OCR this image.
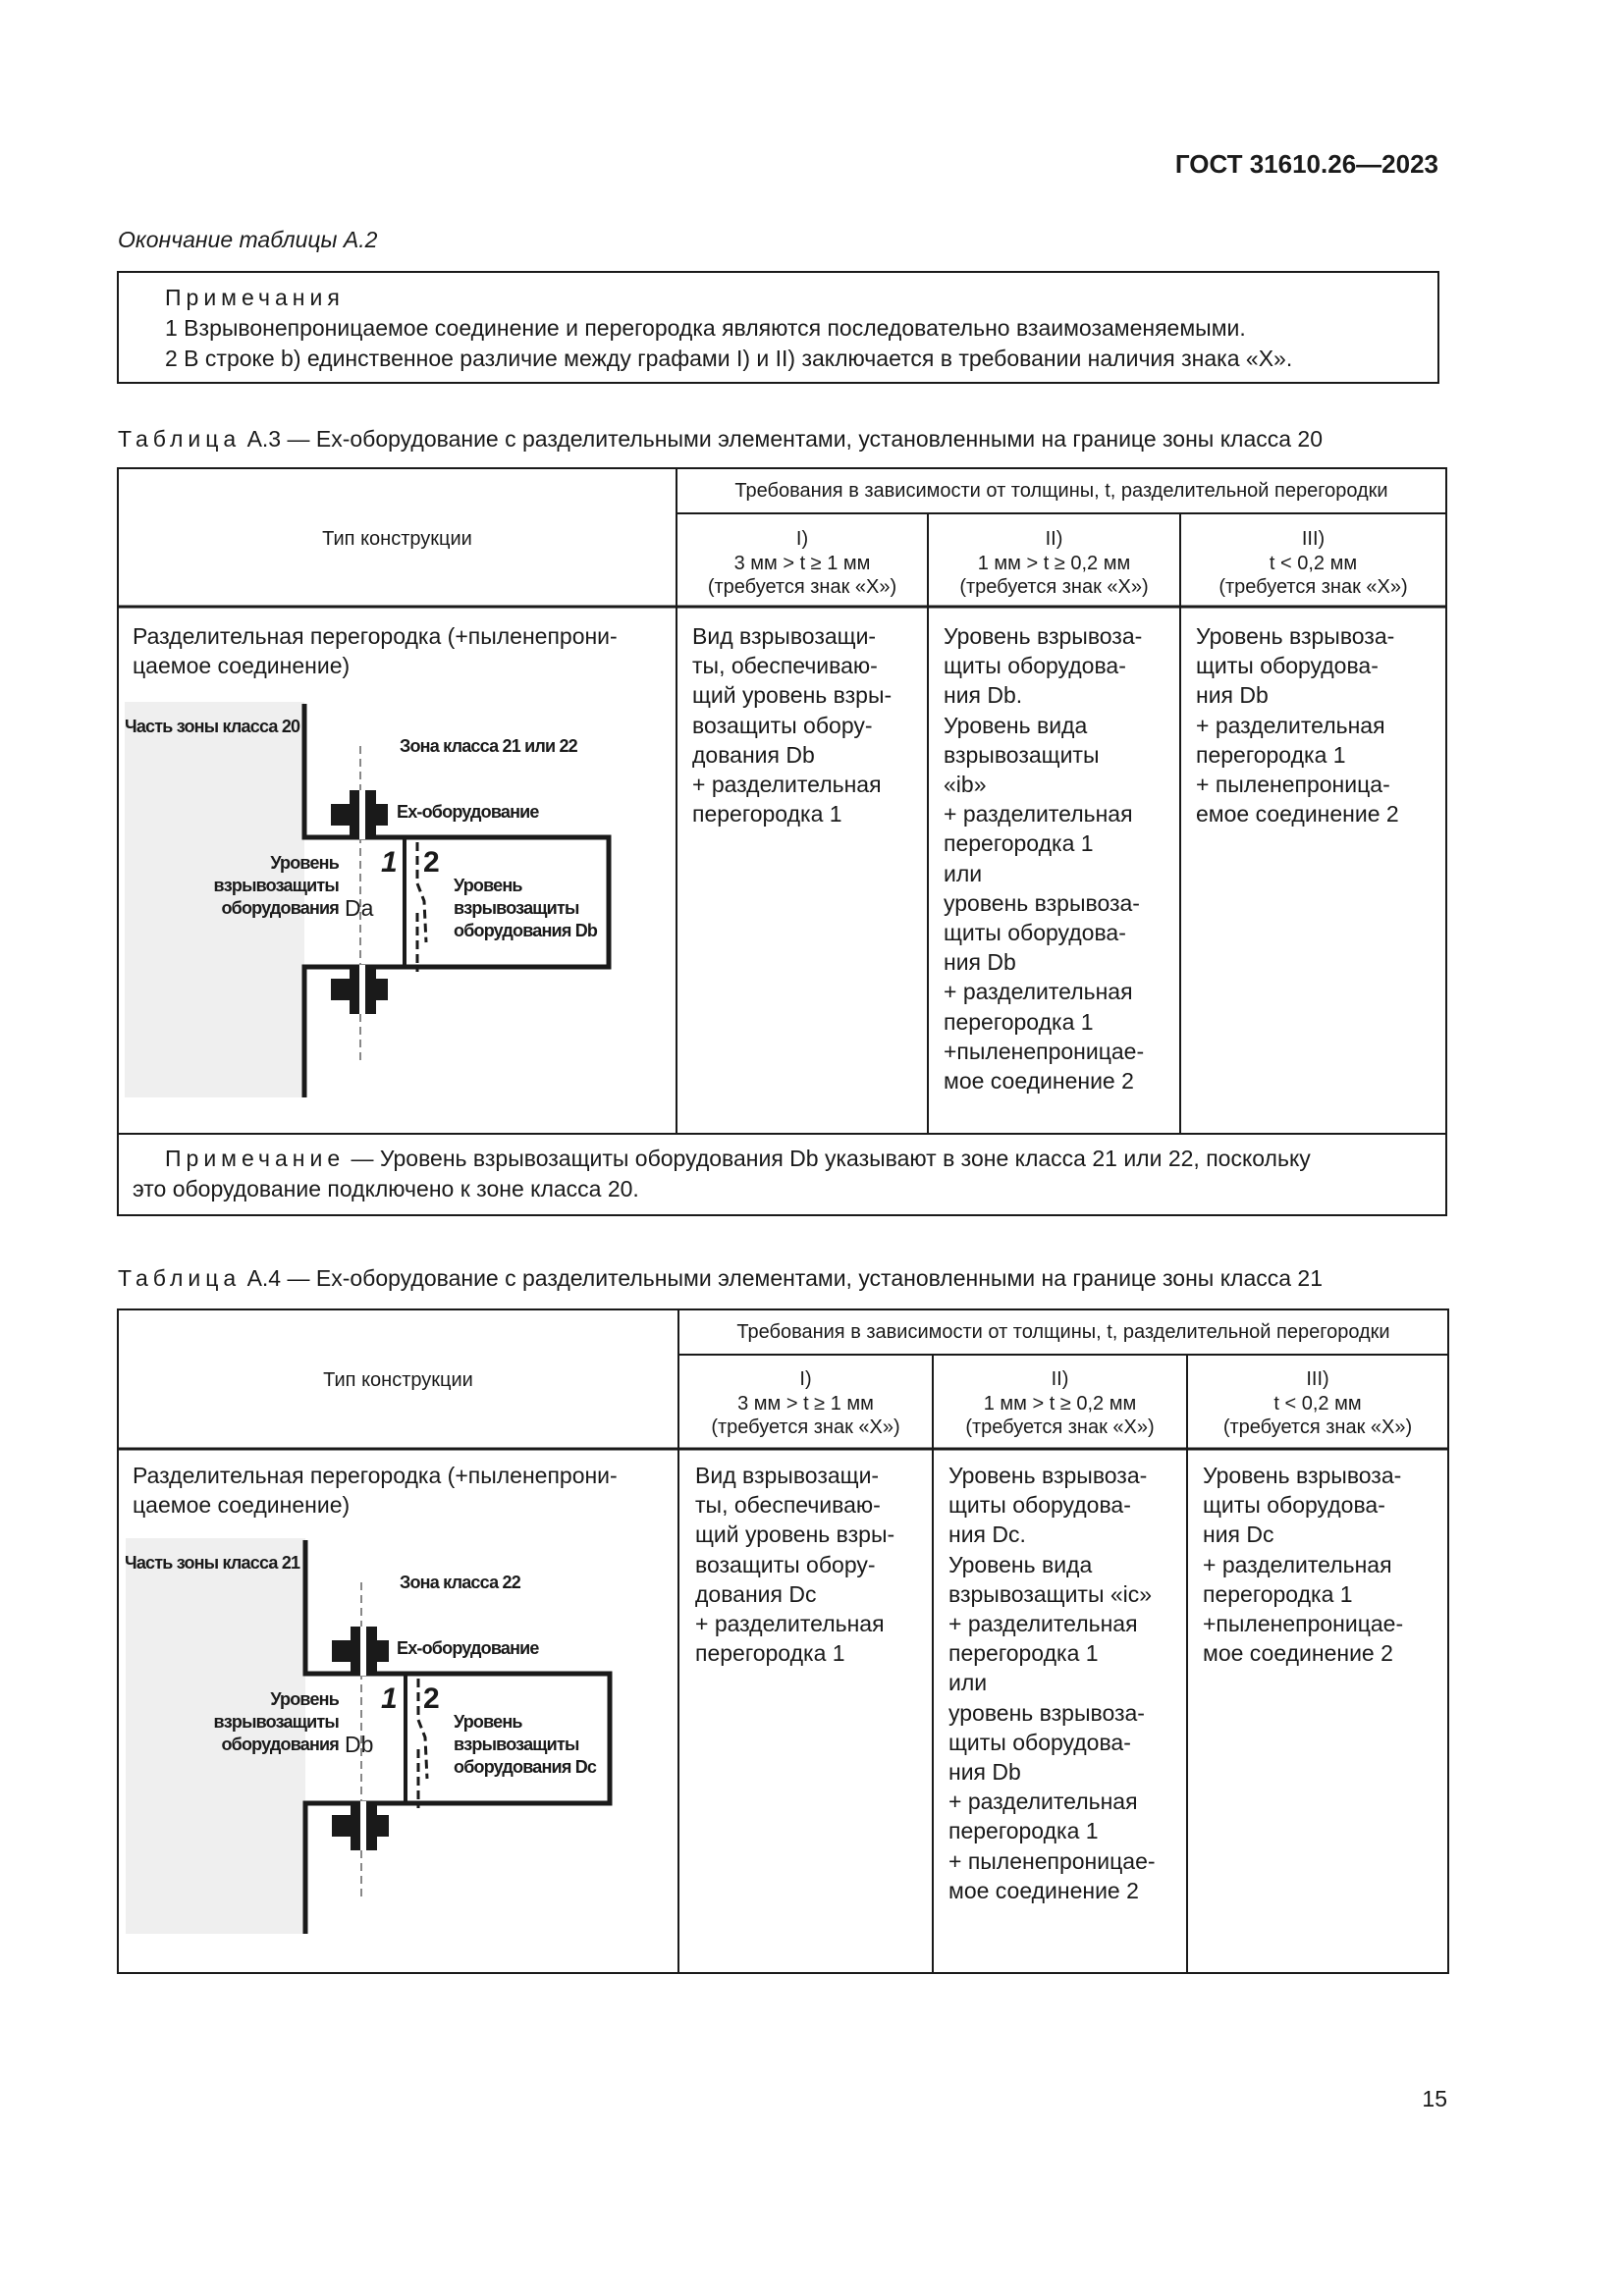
ГОСТ 31610.26—2023
Окончание таблицы А.2
Примечания
1 Взрывонепроницаемое соединение и перегородка являются последовательно взаимозаменяемыми.
2 В строке b) единственное различие между графами I) и II) заключается в требовании наличия знака «X».
Таблица А.3 — Ex-оборудование с разделительными элементами, установленными на границе зоны класса 20
Тип конструкции
Требования в зависимости от толщины, t, разделительной перегородки
I)
3 мм > t ≥ 1 мм
(требуется знак «X»)
II)
1 мм > t ≥ 0,2 мм
(требуется знак «X»)
III)
t < 0,2 мм
(требуется знак «X»)
Разделительная перегородка (+пыленепрони-
цаемое соединение)
Вид взрывозащи-
ты, обеспечиваю-
щий уровень взры-
возащиты обору-
дования Db
+ разделительная
перегородка 1
Уровень взрывоза-
щиты оборудова-
ния Db.
Уровень вида
взрывозащиты
«ib»
+ разделительная
перегородка 1
или
уровень взрывоза-
щиты оборудова-
ния Db
+ разделительная
перегородка 1
+пыленепроницае-
мое соединение 2
Уровень взрывоза-
щиты оборудова-
ния Db
+ разделительная
перегородка 1
+ пыленепроница-
емое соединение 2
Примечание — Уровень взрывозащиты оборудования Db указывают в зоне класса 21 или 22, поскольку
это оборудование подключено к зоне класса 20.
Часть зоны класса 20
Зона класса 21 или 22
Ex-оборудование
1 2
Уровень
взрывозащиты
оборудования Db
Уровень
взрывозащиты
оборудования Da
Таблица А.4 — Ex-оборудование с разделительными элементами, установленными на границе зоны класса 21
Тип конструкции
Требования в зависимости от толщины, t, разделительной перегородки
I)
3 мм > t ≥ 1 мм
(требуется знак «X»)
II)
1 мм > t ≥ 0,2 мм
(требуется знак «X»)
III)
t < 0,2 мм
(требуется знак «X»)
Разделительная перегородка (+пыленепрони-
цаемое соединение)
Вид взрывозащи-
ты, обеспечиваю-
щий уровень взры-
возащиты обору-
дования Dc
+ разделительная
перегородка 1
Уровень взрывоза-
щиты оборудова-
ния Dc.
Уровень вида
взрывозащиты «ic»
+ разделительная
перегородка 1
или
уровень взрывоза-
щиты оборудова-
ния Db
+ разделительная
перегородка 1
+ пыленепроницае-
мое соединение 2
Уровень взрывоза-
щиты оборудова-
ния Dc
+ разделительная
перегородка 1
+пыленепроницае-
мое соединение 2
Часть зоны класса 21
Зона класса 22
Ex-оборудование
1 2
Уровень
взрывозащиты
оборудования Dc
Уровень
взрывозащиты
оборудования Db
15
